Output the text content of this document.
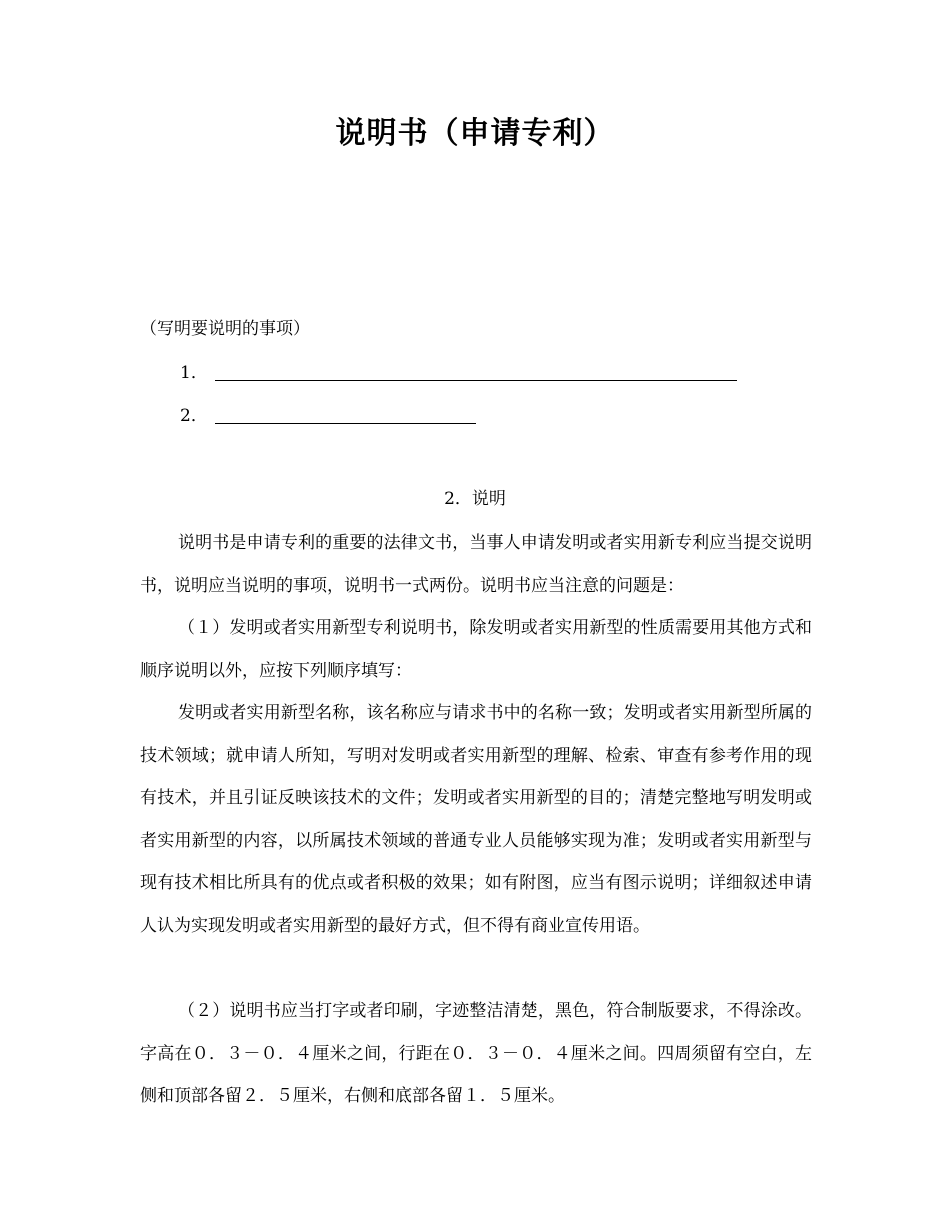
说明书（申请专利）
（写明要说明的事项）
1．
2．
2．说明
说明书是申请专利的重要的法律文书，当事人申请发明或者实用新专利应当提交说明书，说明应当说明的事项，说明书一式两份。说明书应当注意的问题是：
（１）发明或者实用新型专利说明书，除发明或者实用新型的性质需要用其他方式和顺序说明以外，应按下列顺序填写：
发明或者实用新型名称，该名称应与请求书中的名称一致；发明或者实用新型所属的技术领域；就申请人所知，写明对发明或者实用新型的理解、检索、审查有参考作用的现有技术，并且引证反映该技术的文件；发明或者实用新型的目的；清楚完整地写明发明或者实用新型的内容，以所属技术领域的普通专业人员能够实现为准；发明或者实用新型与现有技术相比所具有的优点或者积极的效果；如有附图，应当有图示说明；详细叙述申请人认为实现发明或者实用新型的最好方式，但不得有商业宣传用语。
（２）说明书应当打字或者印刷，字迹整洁清楚，黑色，符合制版要求，不得涂改。字高在０．３－０．４厘米之间，行距在０．３－０．４厘米之间。四周须留有空白，左侧和顶部各留２．５厘米，右侧和底部各留１．５厘米。
